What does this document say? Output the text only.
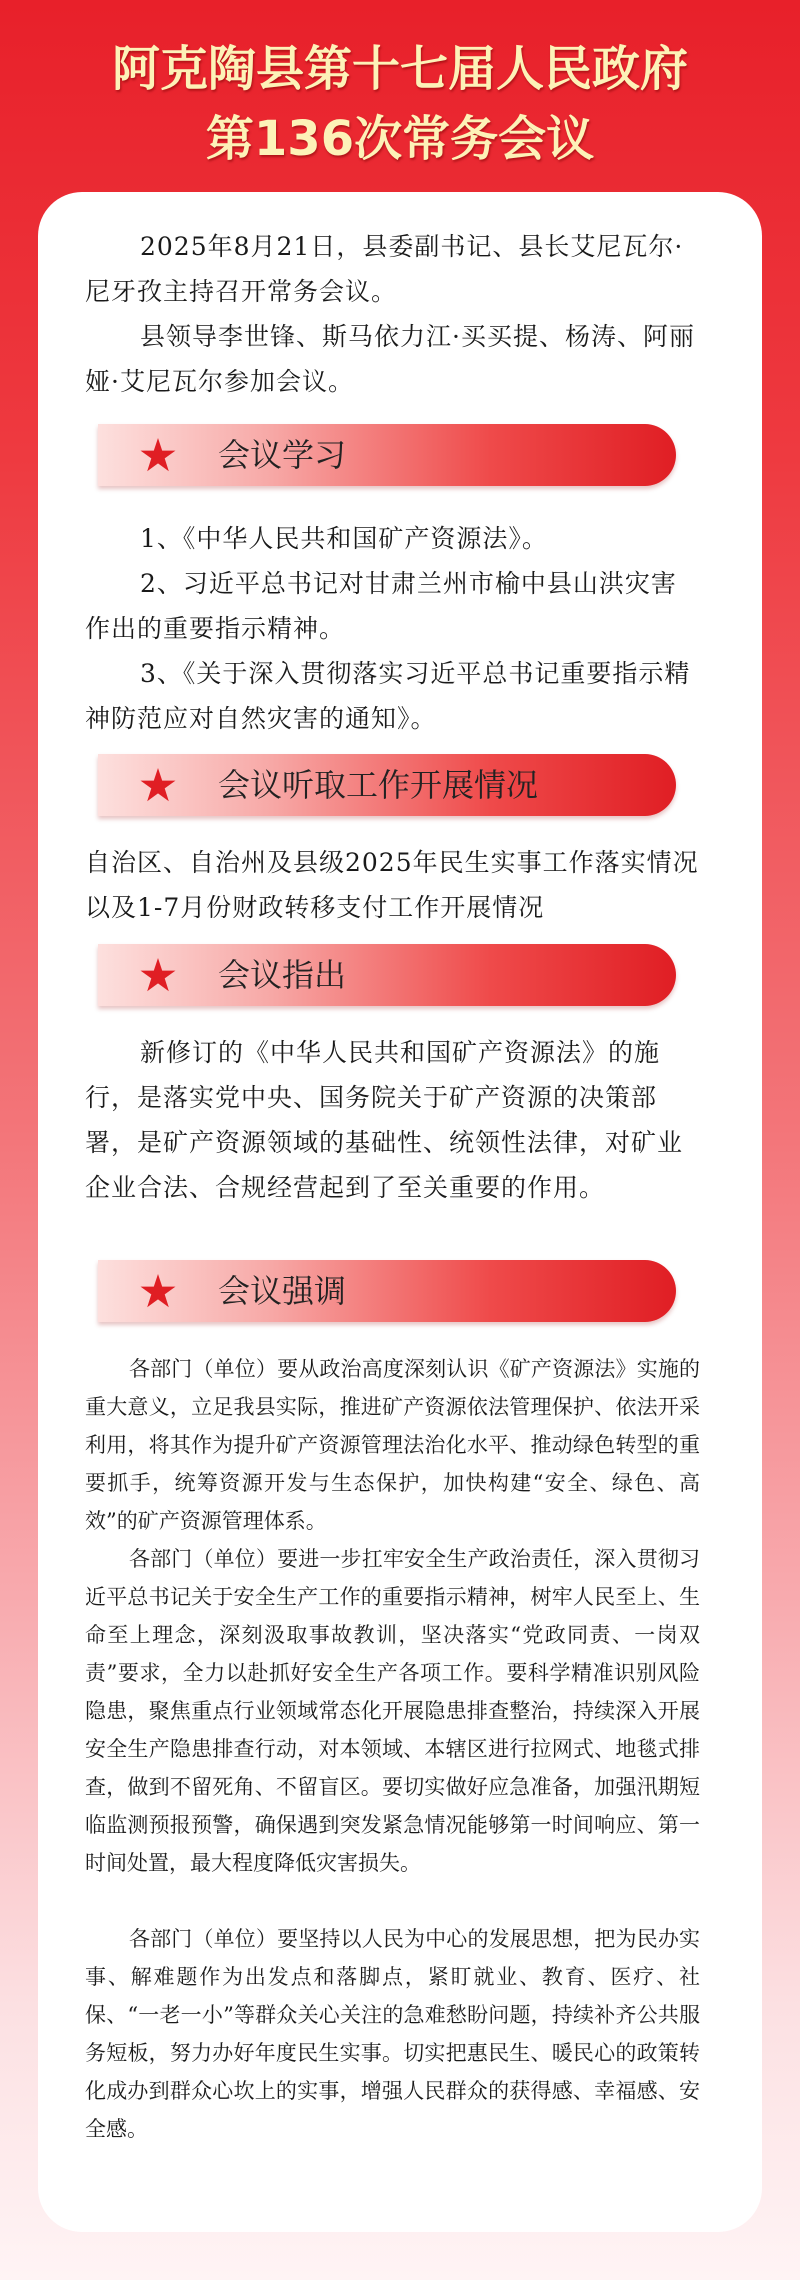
阿克陶县第十七届人民政府
第136次常务会议

2025年8月21日，县委副书记、县长艾尼瓦尔·尼牙孜主持召开常务会议。

县领导李世锋、斯马依力江·买买提、杨涛、阿丽娅·艾尼瓦尔参加会议。

会议学习

1、《中华人民共和国矿产资源法》。

2、习近平总书记对甘肃兰州市榆中县山洪灾害作出的重要指示精神。

3、《关于深入贯彻落实习近平总书记重要指示精神防范应对自然灾害的通知》。

会议听取工作开展情况

自治区、自治州及县级2025年民生实事工作落实情况以及1-7月份财政转移支付工作开展情况

会议指出

新修订的《中华人民共和国矿产资源法》的施行，是落实党中央、国务院关于矿产资源的决策部署，是矿产资源领域的基础性、统领性法律，对矿业企业合法、合规经营起到了至关重要的作用。

会议强调

各部门（单位）要从政治高度深刻认识《矿产资源法》实施的重大意义，立足我县实际，推进矿产资源依法管理保护、依法开采利用，将其作为提升矿产资源管理法治化水平、推动绿色转型的重要抓手，统筹资源开发与生态保护，加快构建“安全、绿色、高效”的矿产资源管理体系。

各部门（单位）要进一步扛牢安全生产政治责任，深入贯彻习近平总书记关于安全生产工作的重要指示精神，树牢人民至上、生命至上理念，深刻汲取事故教训，坚决落实“党政同责、一岗双责”要求，全力以赴抓好安全生产各项工作。要科学精准识别风险隐患，聚焦重点行业领域常态化开展隐患排查整治，持续深入开展安全生产隐患排查行动，对本领域、本辖区进行拉网式、地毯式排查，做到不留死角、不留盲区。要切实做好应急准备，加强汛期短临监测预报预警，确保遇到突发紧急情况能够第一时间响应、第一时间处置，最大程度降低灾害损失。

各部门（单位）要坚持以人民为中心的发展思想，把为民办实事、解难题作为出发点和落脚点，紧盯就业、教育、医疗、社保、“一老一小”等群众关心关注的急难愁盼问题，持续补齐公共服务短板，努力办好年度民生实事。切实把惠民生、暖民心的政策转化成办到群众心坎上的实事，增强人民群众的获得感、幸福感、安全感。
